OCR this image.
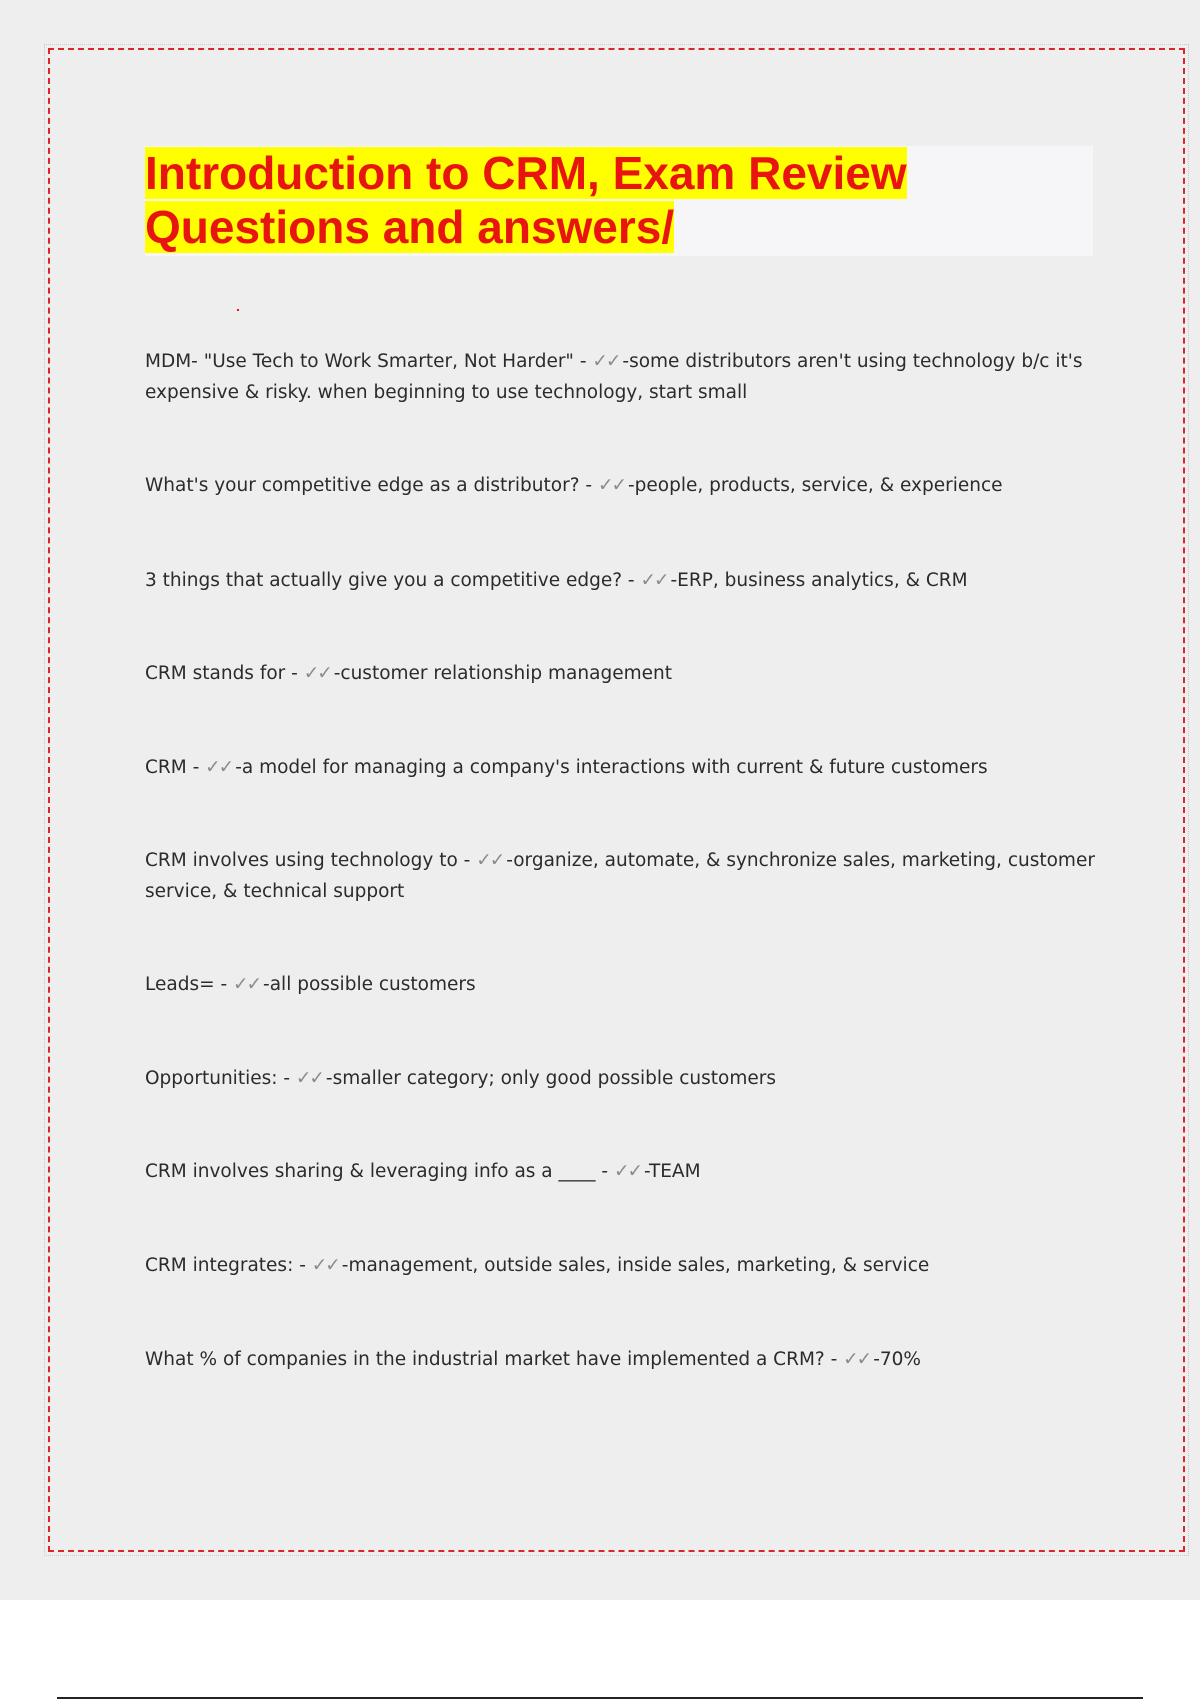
Introduction to CRM, Exam Review
Questions and answers/

MDM- "Use Tech to Work Smarter, Not Harder" - ✓✓ -some distributors aren't using technology b/c it's expensive & risky. when beginning to use technology, start small

What's your competitive edge as a distributor? - ✓✓ -people, products, service, & experience

3 things that actually give you a competitive edge? - ✓✓ -ERP, business analytics, & CRM

CRM stands for - ✓✓ -customer relationship management

CRM - ✓✓ -a model for managing a company's interactions with current & future customers

CRM involves using technology to - ✓✓ -organize, automate, & synchronize sales, marketing, customer service, & technical support

Leads= - ✓✓ -all possible customers

Opportunities: - ✓✓ -smaller category; only good possible customers

CRM involves sharing & leveraging info as a ____ - ✓✓ -TEAM

CRM integrates: - ✓✓ -management, outside sales, inside sales, marketing, & service

What % of companies in the industrial market have implemented a CRM? - ✓✓ -70%
